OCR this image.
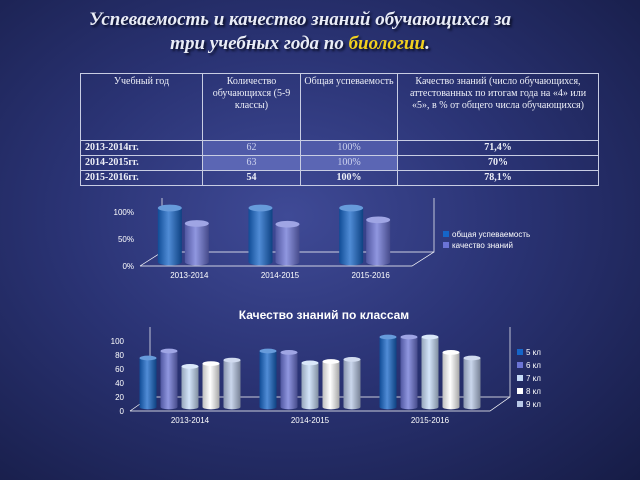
Успеваемость и качество знаний обучающихся за
три учебных года по биологии.
Учебный год	Количество обучающихся (5-9 классы)	Общая успеваемость	Качество знаний (число обучающихся, аттестованных по итогам года на «4» или «5», в % от общего числа обучающихся)
2013-2014гг.	62	100%	71,4%
2014-2015гг.	63	100%	70%
2015-2016гг.	54	100%	78,1%
0%
50%
100%
2013-2014	2014-2015	2015-2016
общая успеваемость
качество знаний
0
20
40
60
80
100
2013-2014	2014-2015	2015-2016
5 кл
6 кл
7 кл
8 кл
9 кл
Качество знаний по классам
